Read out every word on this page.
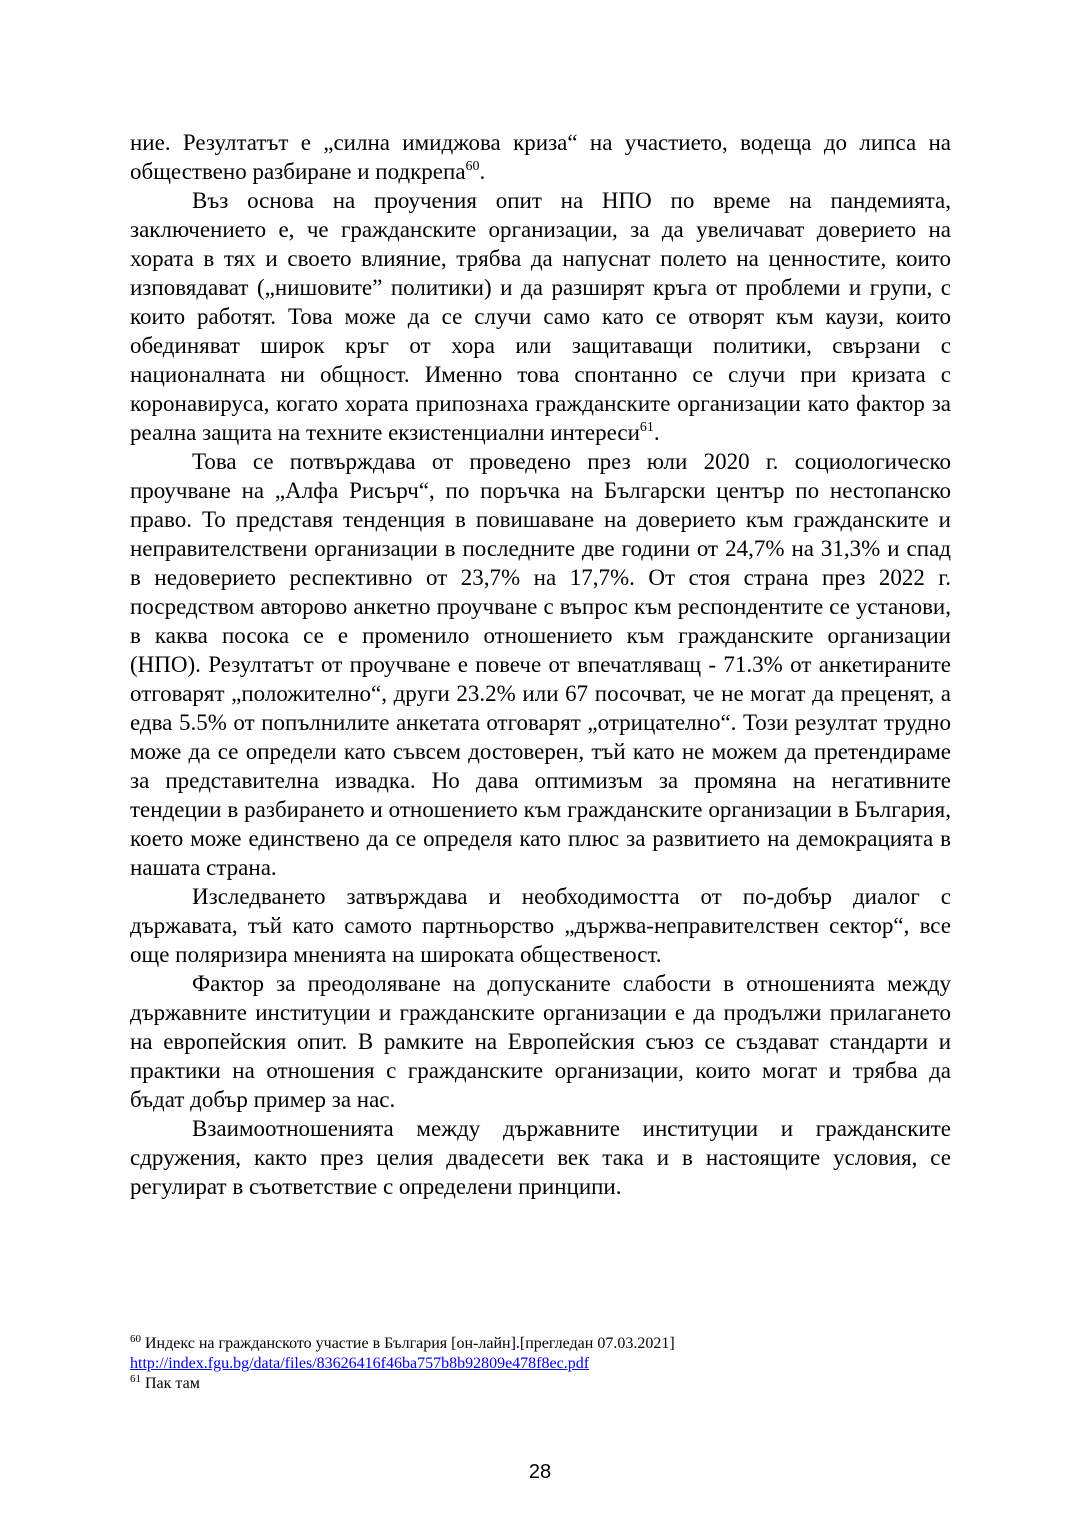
ние. Резултатът е „силна имиджова криза“ на участието, водеща до липса на обществено разбиране и подкрепа$^{60}$.

Въз основа на проучения опит на НПО по време на пандемията, заключението е, че гражданските организации, за да увеличават доверието на хората в тях и своето влияние, трябва да напуснат полето на ценностите, които изповядават („нишовите” политики) и да разширят кръга от проблеми и групи, с които работят. Това може да се случи само като се отворят към каузи, които обединяват широк кръг от хора или защитаващи политики, свързани с националната ни общност. Именно това спонтанно се случи при кризата с коронавируса, когато хората припознаха гражданските организации като фактор за реална защита на техните екзистенциални интереси$^{61}$.

Това се потвърждава от проведено през юли 2020 г. социологическо проучване на „Алфа Рисърч“, по поръчка на Български център по нестопанско право. То представя тенденция в повишаване на доверието към гражданските и неправителствени организации в последните две години от 24,7% на 31,3% и спад в недоверието респективно от 23,7% на 17,7%. От стоя страна през 2022 г. посредством авторово анкетно проучване с въпрос към респондентите се установи, в каква посока се е променило отношението към гражданските организации (НПО). Резултатът от проучване е повече от впечатляващ - 71.3% от анкетираните отговарят „положително“, други 23.2% или 67 посочват, че не могат да преценят, а едва 5.5% от попълнилите анкетата отговарят „отрицателно“. Този резултат трудно може да се определи като съвсем достоверен, тъй като не можем да претендираме за представителна извадка. Но дава оптимизъм за промяна на негативните тендеции в разбирането и отношението към гражданските организации в България, което може единствено да се определя като плюс за развитието на демокрацията в нашата страна.

Изследването затвърждава и необходимостта от по-добър диалог с държавата, тъй като самото партньорство „държва-неправителствен сектор“, все още поляризира мненията на широката общественост.

Фактор за преодоляване на допусканите слабости в отношенията между държавните институции и гражданските организации е да продължи прилагането на европейския опит. В рамките на Европейския съюз се създават стандарти и практики на отношения с гражданските организации, които могат и трябва да бъдат добър пример за нас.

Взаимоотношенията между държавните институции и гражданските сдружения, както през целия двадесети век така и в настоящите условия, се регулират в съответствие с определени принципи.

$^{60}$ Индекс на гражданското участие в България [он-лайн].[прегледан 07.03.2021]
http://index.fgu.bg/data/files/83626416f46ba757b8b92809e478f8ec.pdf
$^{61}$ Пак там
28
